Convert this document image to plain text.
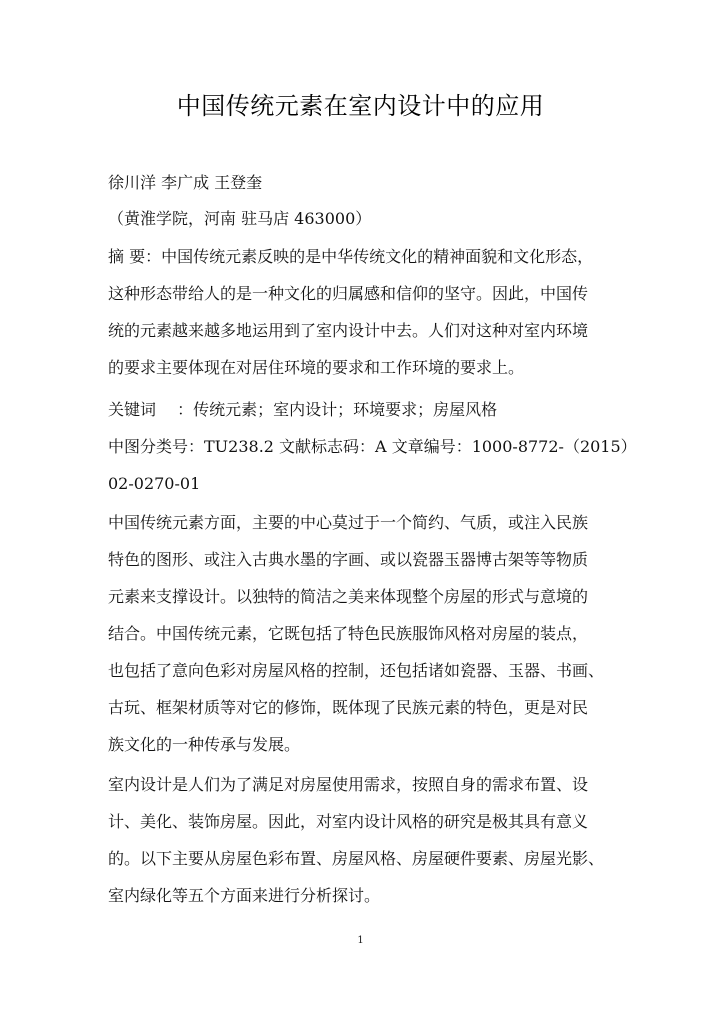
中国传统元素在室内设计中的应用
徐川洋 李广成 王登奎
（黄淮学院，河南 驻马店 463000）
摘 要：中国传统元素反映的是中华传统文化的精神面貌和文化形态，
这种形态带给人的是一种文化的归属感和信仰的坚守。因此，中国传
统的元素越来越多地运用到了室内设计中去。人们对这种对室内环境
的要求主要体现在对居住环境的要求和工作环境的要求上。
关键词　 ：传统元素；室内设计；环境要求；房屋风格
中图分类号：TU238.2 文献标志码：A 文章编号：1000-8772-（2015）
02-0270-01
中国传统元素方面，主要的中心莫过于一个简约、气质，或注入民族
特色的图形、或注入古典水墨的字画、或以瓷器玉器博古架等等物质
元素来支撑设计。以独特的简洁之美来体现整个房屋的形式与意境的
结合。中国传统元素，它既包括了特色民族服饰风格对房屋的装点，
也包括了意向色彩对房屋风格的控制，还包括诸如瓷器、玉器、书画、
古玩、框架材质等对它的修饰，既体现了民族元素的特色，更是对民
族文化的一种传承与发展。
室内设计是人们为了满足对房屋使用需求，按照自身的需求布置、设
计、美化、装饰房屋。因此，对室内设计风格的研究是极其具有意义
的。以下主要从房屋色彩布置、房屋风格、房屋硬件要素、房屋光影、
室内绿化等五个方面来进行分析探讨。
1
